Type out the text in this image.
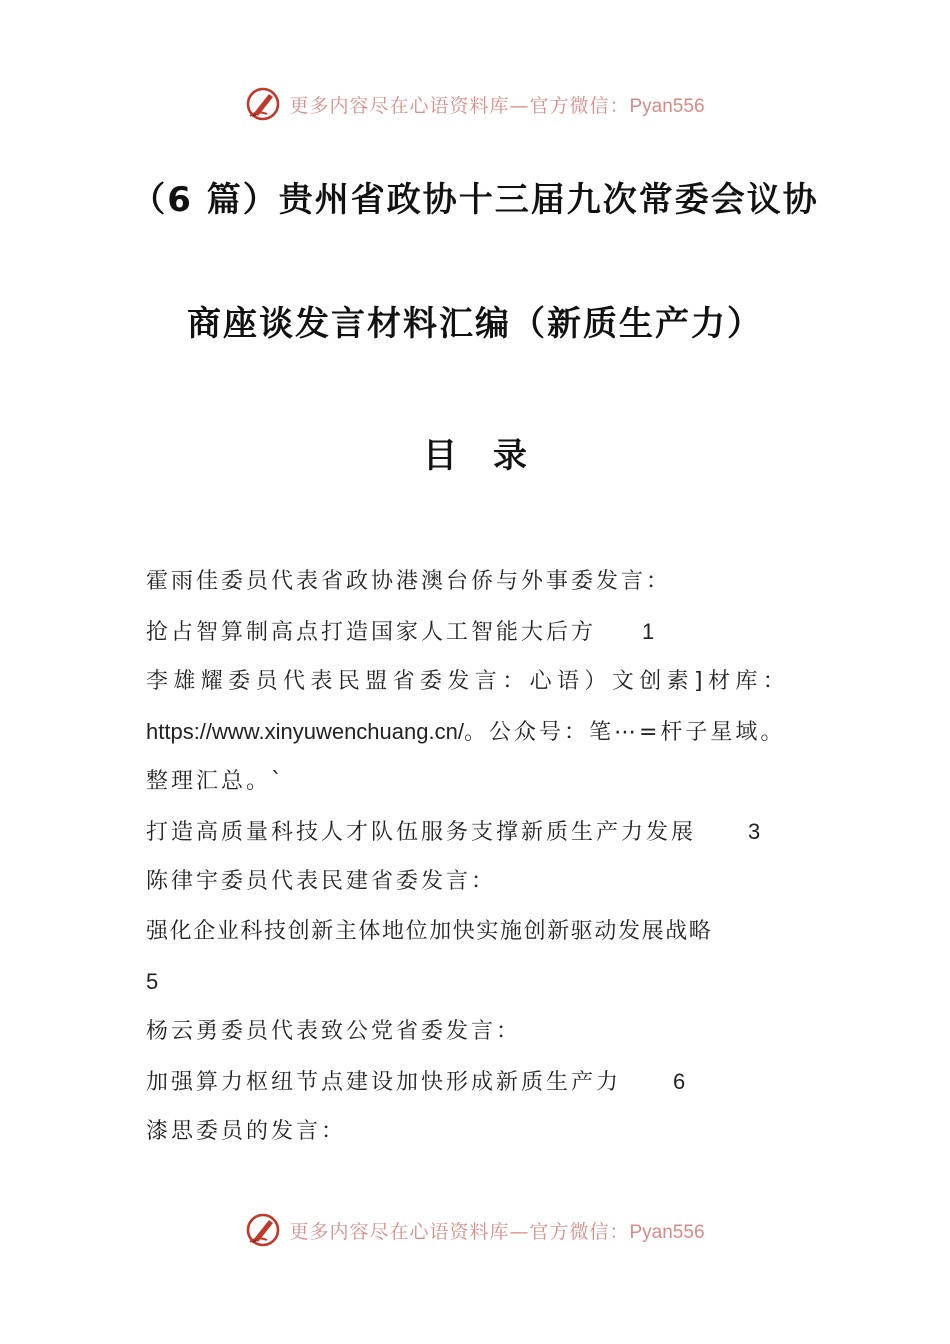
更多内容尽在心语资料库—官方微信：Pyan556
（6 篇）贵州省政协十三届九次常委会议协
商座谈发言材料汇编（新质生产力）
目 录
霍雨佳委员代表省政协港澳台侨与外事委发言：
抢占智算制高点打造国家人工智能大后方 1
李雄耀委员代表民盟省委发言：心语）文创素]材库：
https://www.xinyuwenchuang.cn/。公众号：笔⋯=杆子星域。
整理汇总。`
打造高质量科技人才队伍服务支撑新质生产力发展 3
陈律宇委员代表民建省委发言：
强化企业科技创新主体地位加快实施创新驱动发展战略
5
杨云勇委员代表致公党省委发言：
加强算力枢纽节点建设加快形成新质生产力 6
漆思委员的发言：
更多内容尽在心语资料库—官方微信：Pyan556
